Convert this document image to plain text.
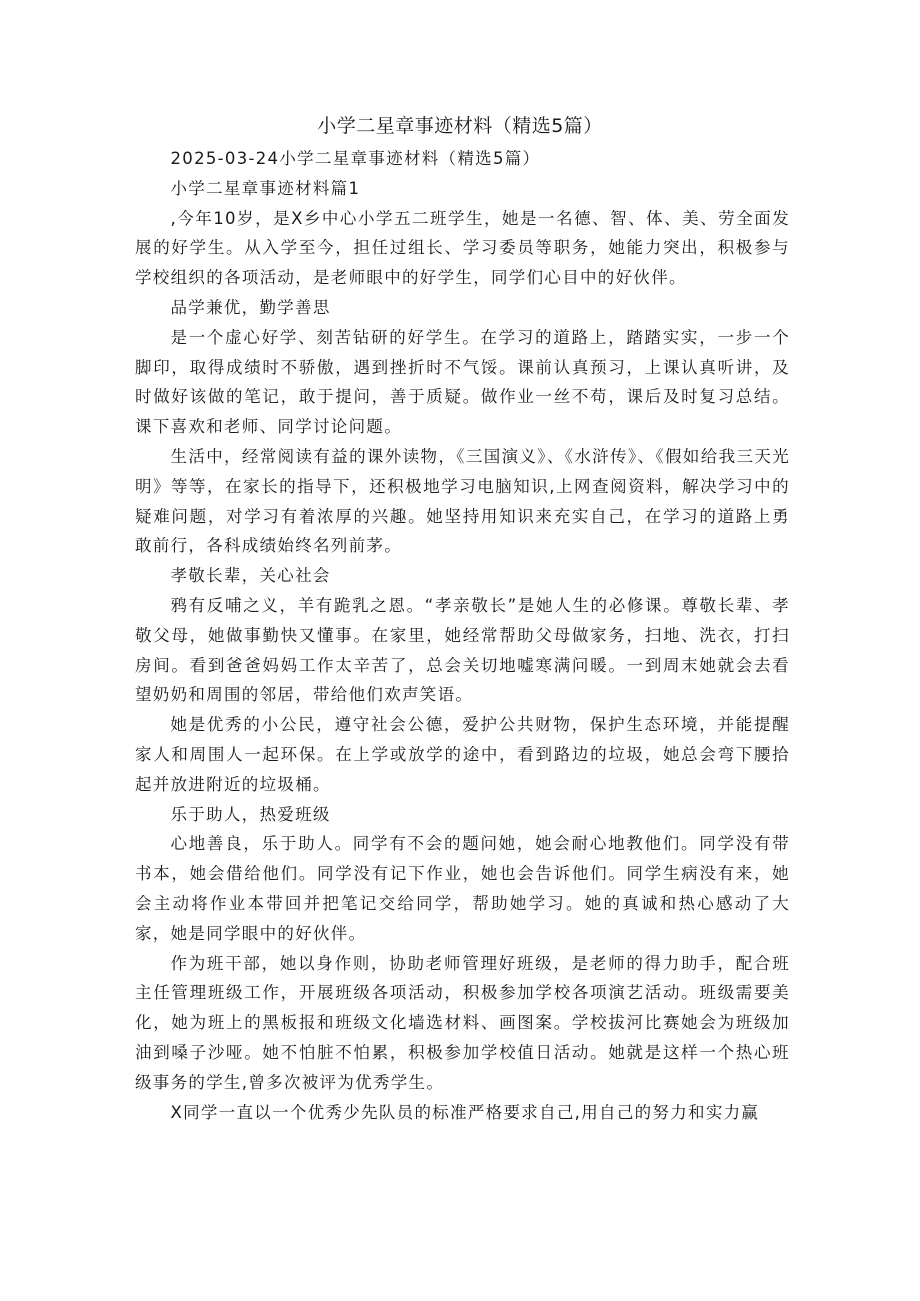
小学二星章事迹材料（精选5篇）

2025-03-24小学二星章事迹材料（精选5篇）

小学二星章事迹材料篇1

,今年10岁，是X乡中心小学五二班学生，她是一名德、智、体、美、劳全面发展的好学生。从入学至今，担任过组长、学习委员等职务，她能力突出，积极参与学校组织的各项活动，是老师眼中的好学生，同学们心目中的好伙伴。

品学兼优，勤学善思

是一个虚心好学、刻苦钻研的好学生。在学习的道路上，踏踏实实，一步一个脚印，取得成绩时不骄傲，遇到挫折时不气馁。课前认真预习，上课认真听讲，及时做好该做的笔记，敢于提问，善于质疑。做作业一丝不苟，课后及时复习总结。课下喜欢和老师、同学讨论问题。

生活中，经常阅读有益的课外读物，《三国演义》、《水浒传》、《假如给我三天光明》等等，在家长的指导下，还积极地学习电脑知识,上网查阅资料，解决学习中的疑难问题，对学习有着浓厚的兴趣。她坚持用知识来充实自己，在学习的道路上勇敢前行，各科成绩始终名列前茅。

孝敬长辈，关心社会

鸦有反哺之义，羊有跪乳之恩。“孝亲敬长”是她人生的必修课。尊敬长辈、孝敬父母，她做事勤快又懂事。在家里，她经常帮助父母做家务，扫地、洗衣，打扫房间。看到爸爸妈妈工作太辛苦了，总会关切地嘘寒满问暖。一到周末她就会去看望奶奶和周围的邻居，带给他们欢声笑语。

她是优秀的小公民，遵守社会公德，爱护公共财物，保护生态环境，并能提醒家人和周围人一起环保。在上学或放学的途中，看到路边的垃圾，她总会弯下腰拾起并放进附近的垃圾桶。

乐于助人，热爱班级

心地善良，乐于助人。同学有不会的题问她，她会耐心地教他们。同学没有带书本，她会借给他们。同学没有记下作业，她也会告诉他们。同学生病没有来，她会主动将作业本带回并把笔记交给同学，帮助她学习。她的真诚和热心感动了大家，她是同学眼中的好伙伴。

作为班干部，她以身作则，协助老师管理好班级，是老师的得力助手，配合班主任管理班级工作，开展班级各项活动，积极参加学校各项演艺活动。班级需要美化，她为班上的黑板报和班级文化墙选材料、画图案。学校拔河比赛她会为班级加油到嗓子沙哑。她不怕脏不怕累，积极参加学校值日活动。她就是这样一个热心班级事务的学生,曾多次被评为优秀学生。

X同学一直以一个优秀少先队员的标准严格要求自己,用自己的努力和实力赢
